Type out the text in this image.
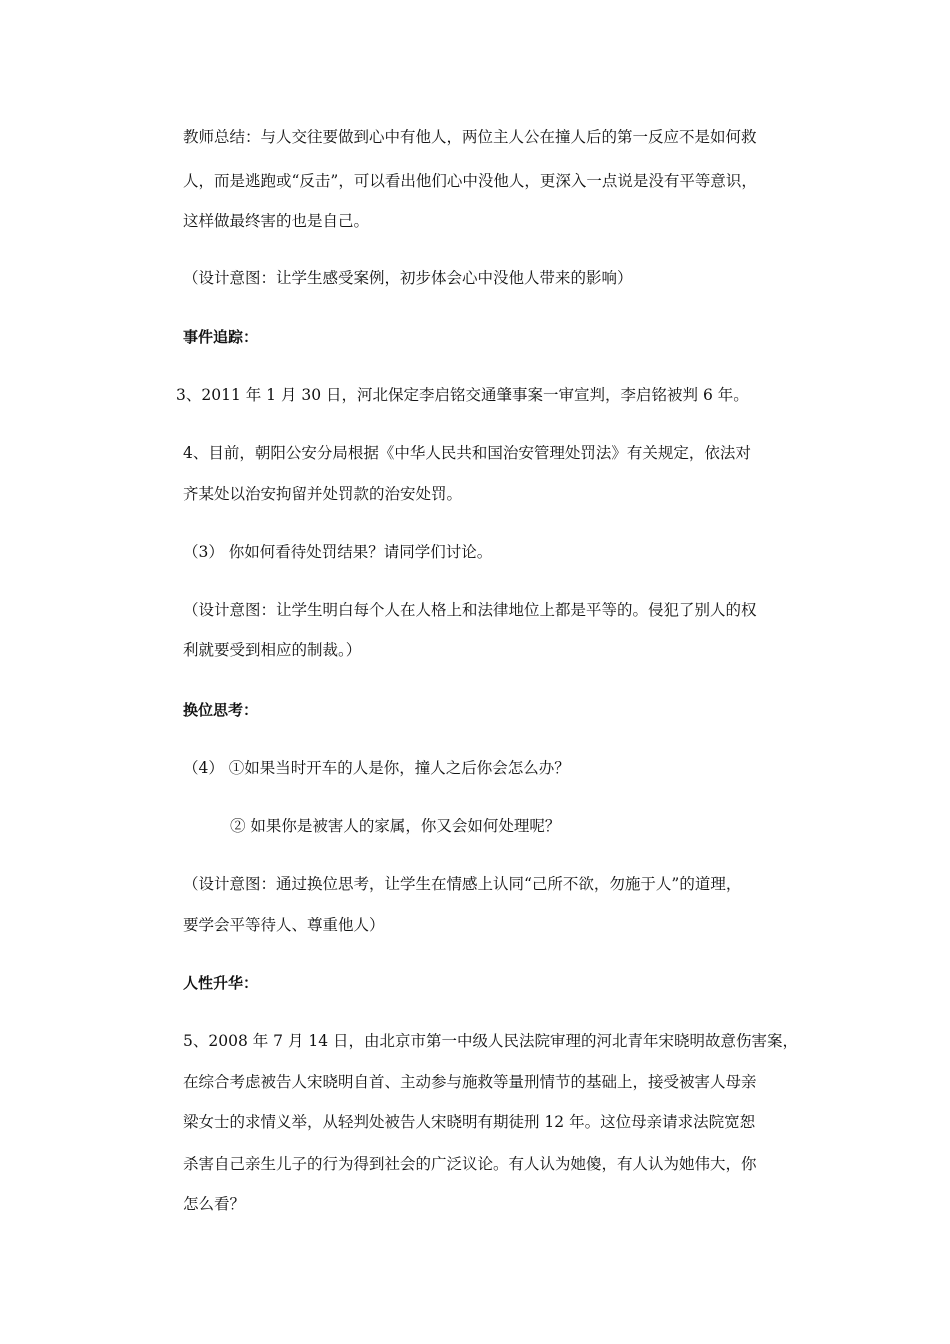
教师总结：与人交往要做到心中有他人，两位主人公在撞人后的第一反应不是如何救
人，而是逃跑或“反击”，可以看出他们心中没他人，更深入一点说是没有平等意识，
这样做最终害的也是自己。
（设计意图：让学生感受案例，初步体会心中没他人带来的影响）
事件追踪：
3、2011 年 1 月 30 日，河北保定李启铭交通肇事案一审宣判，李启铭被判 6 年。
4、目前，朝阳公安分局根据《中华人民共和国治安管理处罚法》有关规定，依法对
齐某处以治安拘留并处罚款的治安处罚。
（3） 你如何看待处罚结果？请同学们讨论。
（设计意图：让学生明白每个人在人格上和法律地位上都是平等的。侵犯了别人的权
利就要受到相应的制裁。）
换位思考：
（4） ①如果当时开车的人是你，撞人之后你会怎么办？
② 如果你是被害人的家属，你又会如何处理呢？
（设计意图：通过换位思考，让学生在情感上认同“己所不欲，勿施于人”的道理，
要学会平等待人、尊重他人）
人性升华：
5、2008 年 7 月 14 日，由北京市第一中级人民法院审理的河北青年宋晓明故意伤害案，
在综合考虑被告人宋晓明自首、主动参与施救等量刑情节的基础上，接受被害人母亲
梁女士的求情义举，从轻判处被告人宋晓明有期徒刑 12 年。这位母亲请求法院宽恕
杀害自己亲生儿子的行为得到社会的广泛议论。有人认为她傻，有人认为她伟大，你
怎么看？
